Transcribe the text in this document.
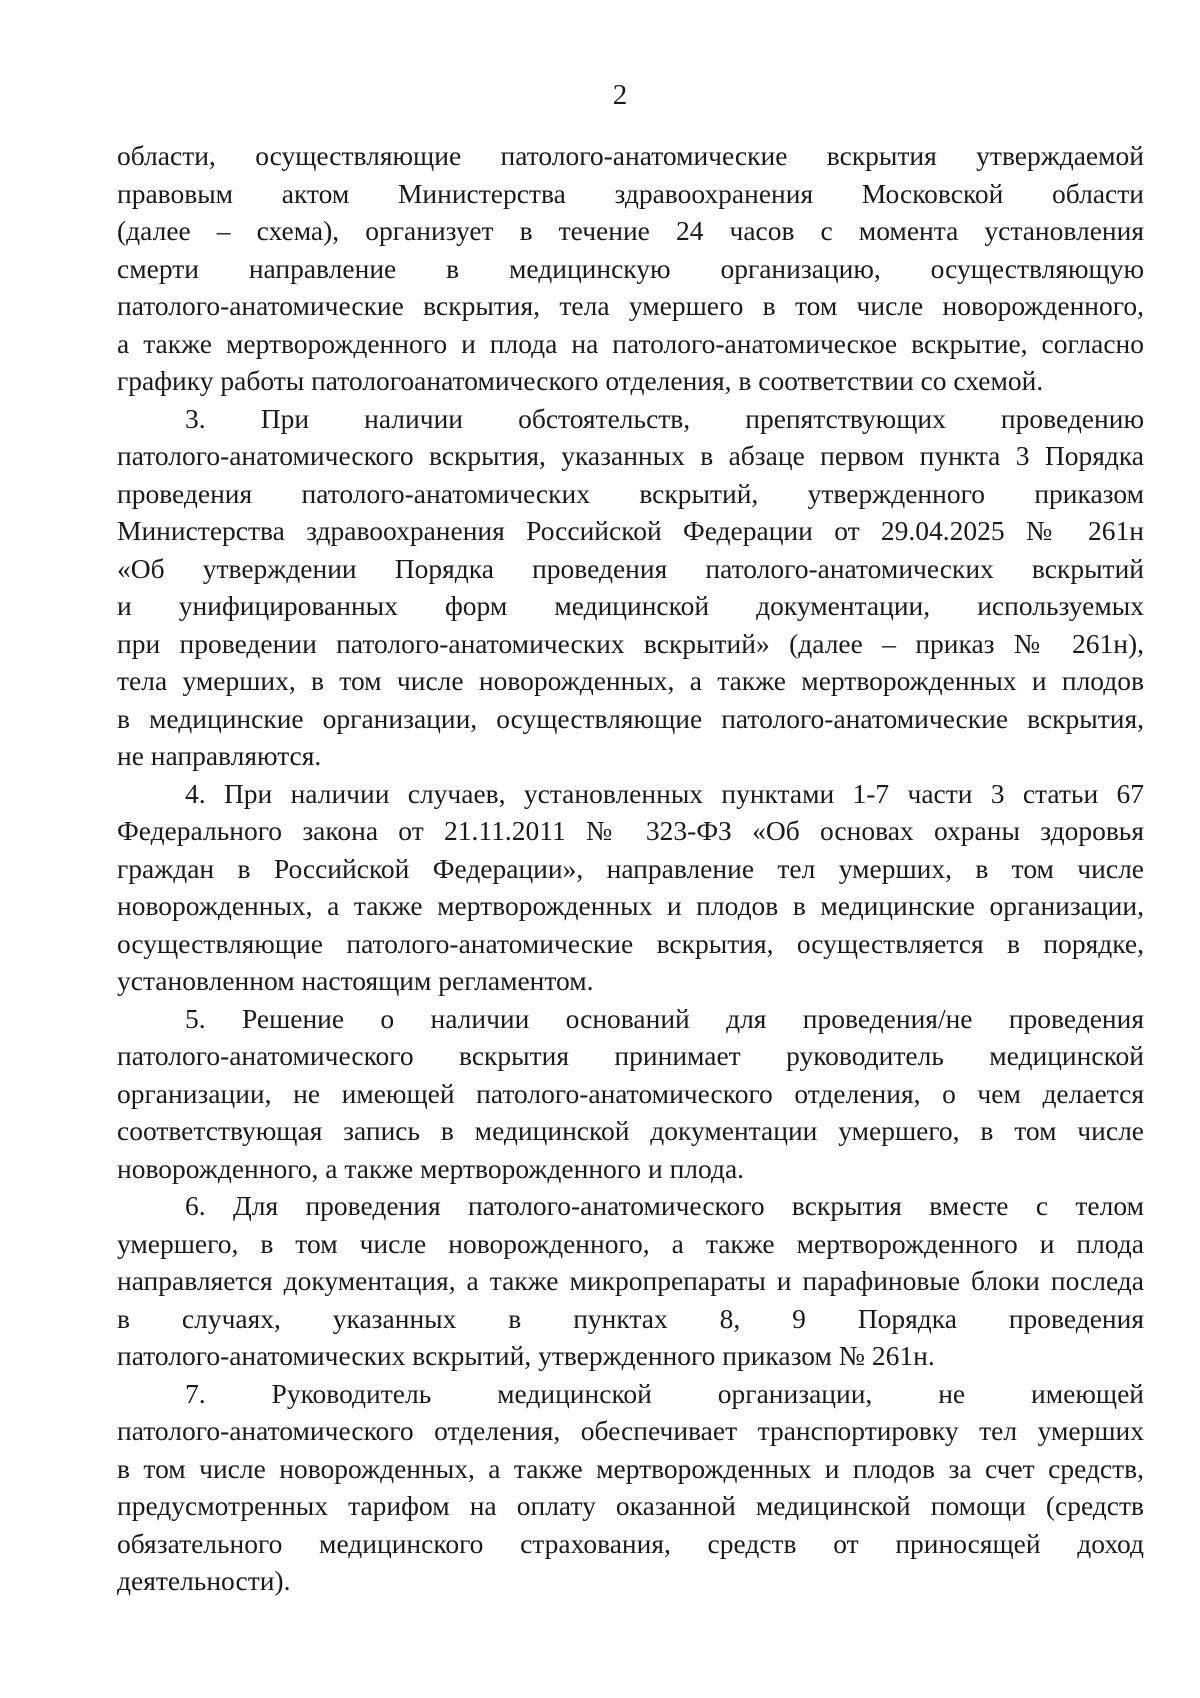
2

области, осуществляющие патолого-анатомические вскрытия утверждаемой
правовым актом Министерства здравоохранения Московской области
(далее – схема), организует в течение 24 часов с момента установления
смерти направление в медицинскую организацию, осуществляющую
патолого-анатомические вскрытия, тела умершего в том числе новорожденного,
а также мертворожденного и плода на патолого-анатомическое вскрытие, согласно
графику работы патологоанатомического отделения, в соответствии со схемой.

3. При наличии обстоятельств, препятствующих проведению
патолого-анатомического вскрытия, указанных в абзаце первом пункта 3 Порядка
проведения патолого-анатомических вскрытий, утвержденного приказом
Министерства здравоохранения Российской Федерации от 29.04.2025 № 261н
«Об утверждении Порядка проведения патолого-анатомических вскрытий
и унифицированных форм медицинской документации, используемых
при проведении патолого-анатомических вскрытий» (далее – приказ № 261н),
тела умерших, в том числе новорожденных, а также мертворожденных и плодов
в медицинские организации, осуществляющие патолого-анатомические вскрытия,
не направляются.

4. При наличии случаев, установленных пунктами 1-7 части 3 статьи 67
Федерального закона от 21.11.2011 № 323-ФЗ «Об основах охраны здоровья
граждан в Российской Федерации», направление тел умерших, в том числе
новорожденных, а также мертворожденных и плодов в медицинские организации,
осуществляющие патолого-анатомические вскрытия, осуществляется в порядке,
установленном настоящим регламентом.

5. Решение о наличии оснований для проведения/не проведения
патолого-анатомического вскрытия принимает руководитель медицинской
организации, не имеющей патолого-анатомического отделения, о чем делается
соответствующая запись в медицинской документации умершего, в том числе
новорожденного, а также мертворожденного и плода.

6. Для проведения патолого-анатомического вскрытия вместе с телом
умершего, в том числе новорожденного, а также мертворожденного и плода
направляется документация, а также микропрепараты и парафиновые блоки последа
в случаях, указанных в пунктах 8, 9 Порядка проведения
патолого-анатомических вскрытий, утвержденного приказом № 261н.

7. Руководитель медицинской организации, не имеющей
патолого-анатомического отделения, обеспечивает транспортировку тел умерших
в том числе новорожденных, а также мертворожденных и плодов за счет средств,
предусмотренных тарифом на оплату оказанной медицинской помощи (средств
обязательного медицинского страхования, средств от приносящей доход
деятельности).
